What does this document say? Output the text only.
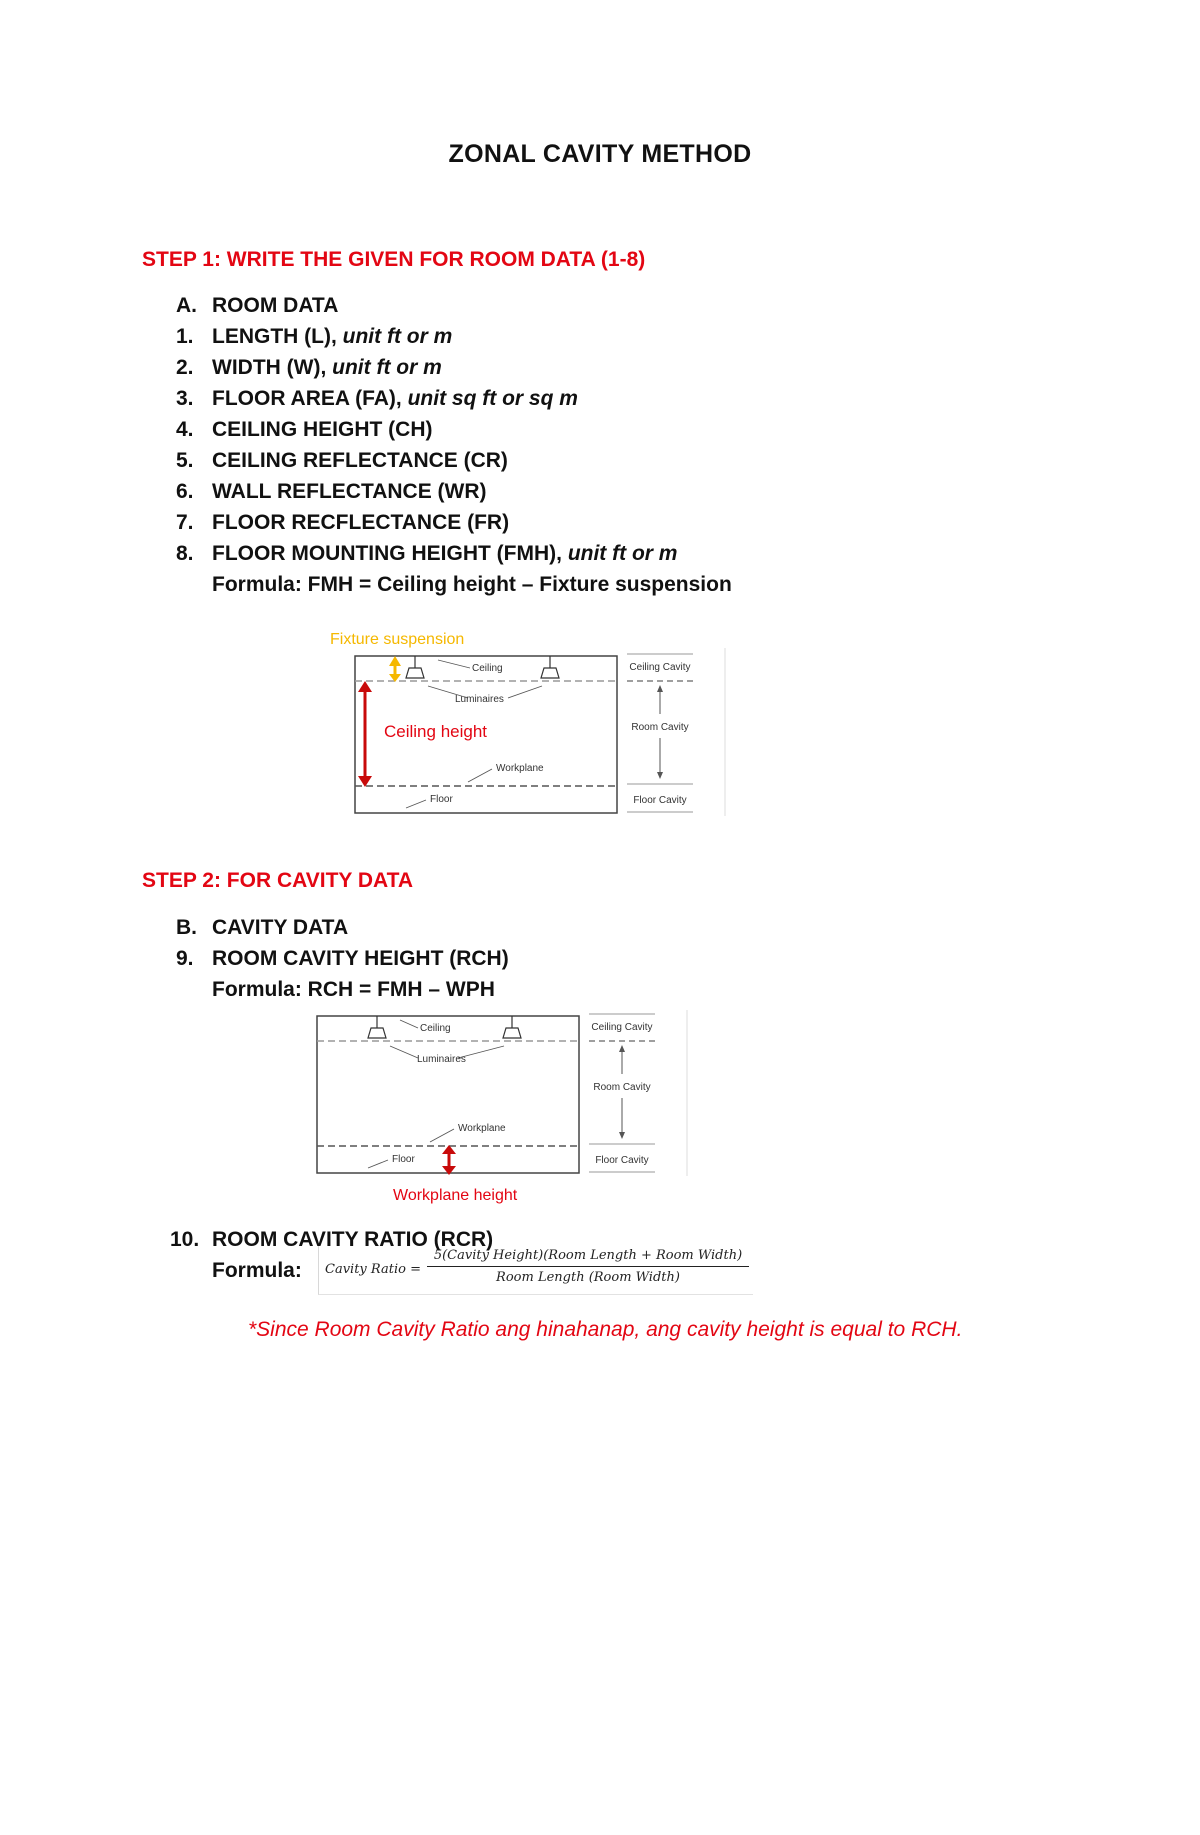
ZONAL CAVITY METHOD
STEP 1: WRITE THE GIVEN FOR ROOM DATA (1-8)
A. ROOM DATA
1. LENGTH (L),
unit ft or m
2. WIDTH (W),
unit ft or m
3. FLOOR AREA (FA),
unit sq ft or sq m
4. CEILING HEIGHT (CH)
5. CEILING REFLECTANCE (CR)
6. WALL REFLECTANCE (WR)
7. FLOOR RECFLECTANCE (FR)
8. FLOOR MOUNTING HEIGHT (FMH),
unit ft or m
Formula: FMH = Ceiling height – Fixture suspension
Fixture suspension
Ceiling height
Ceiling
Luminaires
Workplane
Floor
Ceiling Cavity
Room Cavity
Floor Cavity
STEP 2: FOR CAVITY DATA
B. CAVITY DATA
9. ROOM CAVITY HEIGHT (RCH)
Formula: RCH = FMH – WPH
Ceiling
Luminaires
Workplane
Floor
Workplane height
Ceiling Cavity
Room Cavity
Floor Cavity
10. ROOM CAVITY RATIO (RCR)
Formula: Cavity Ratio =
5(Cavity Height)(Room Length + Room Width)
Room Length (Room Width)
*Since Room Cavity Ratio ang hinahanap, ang cavity height is equal to RCH.
